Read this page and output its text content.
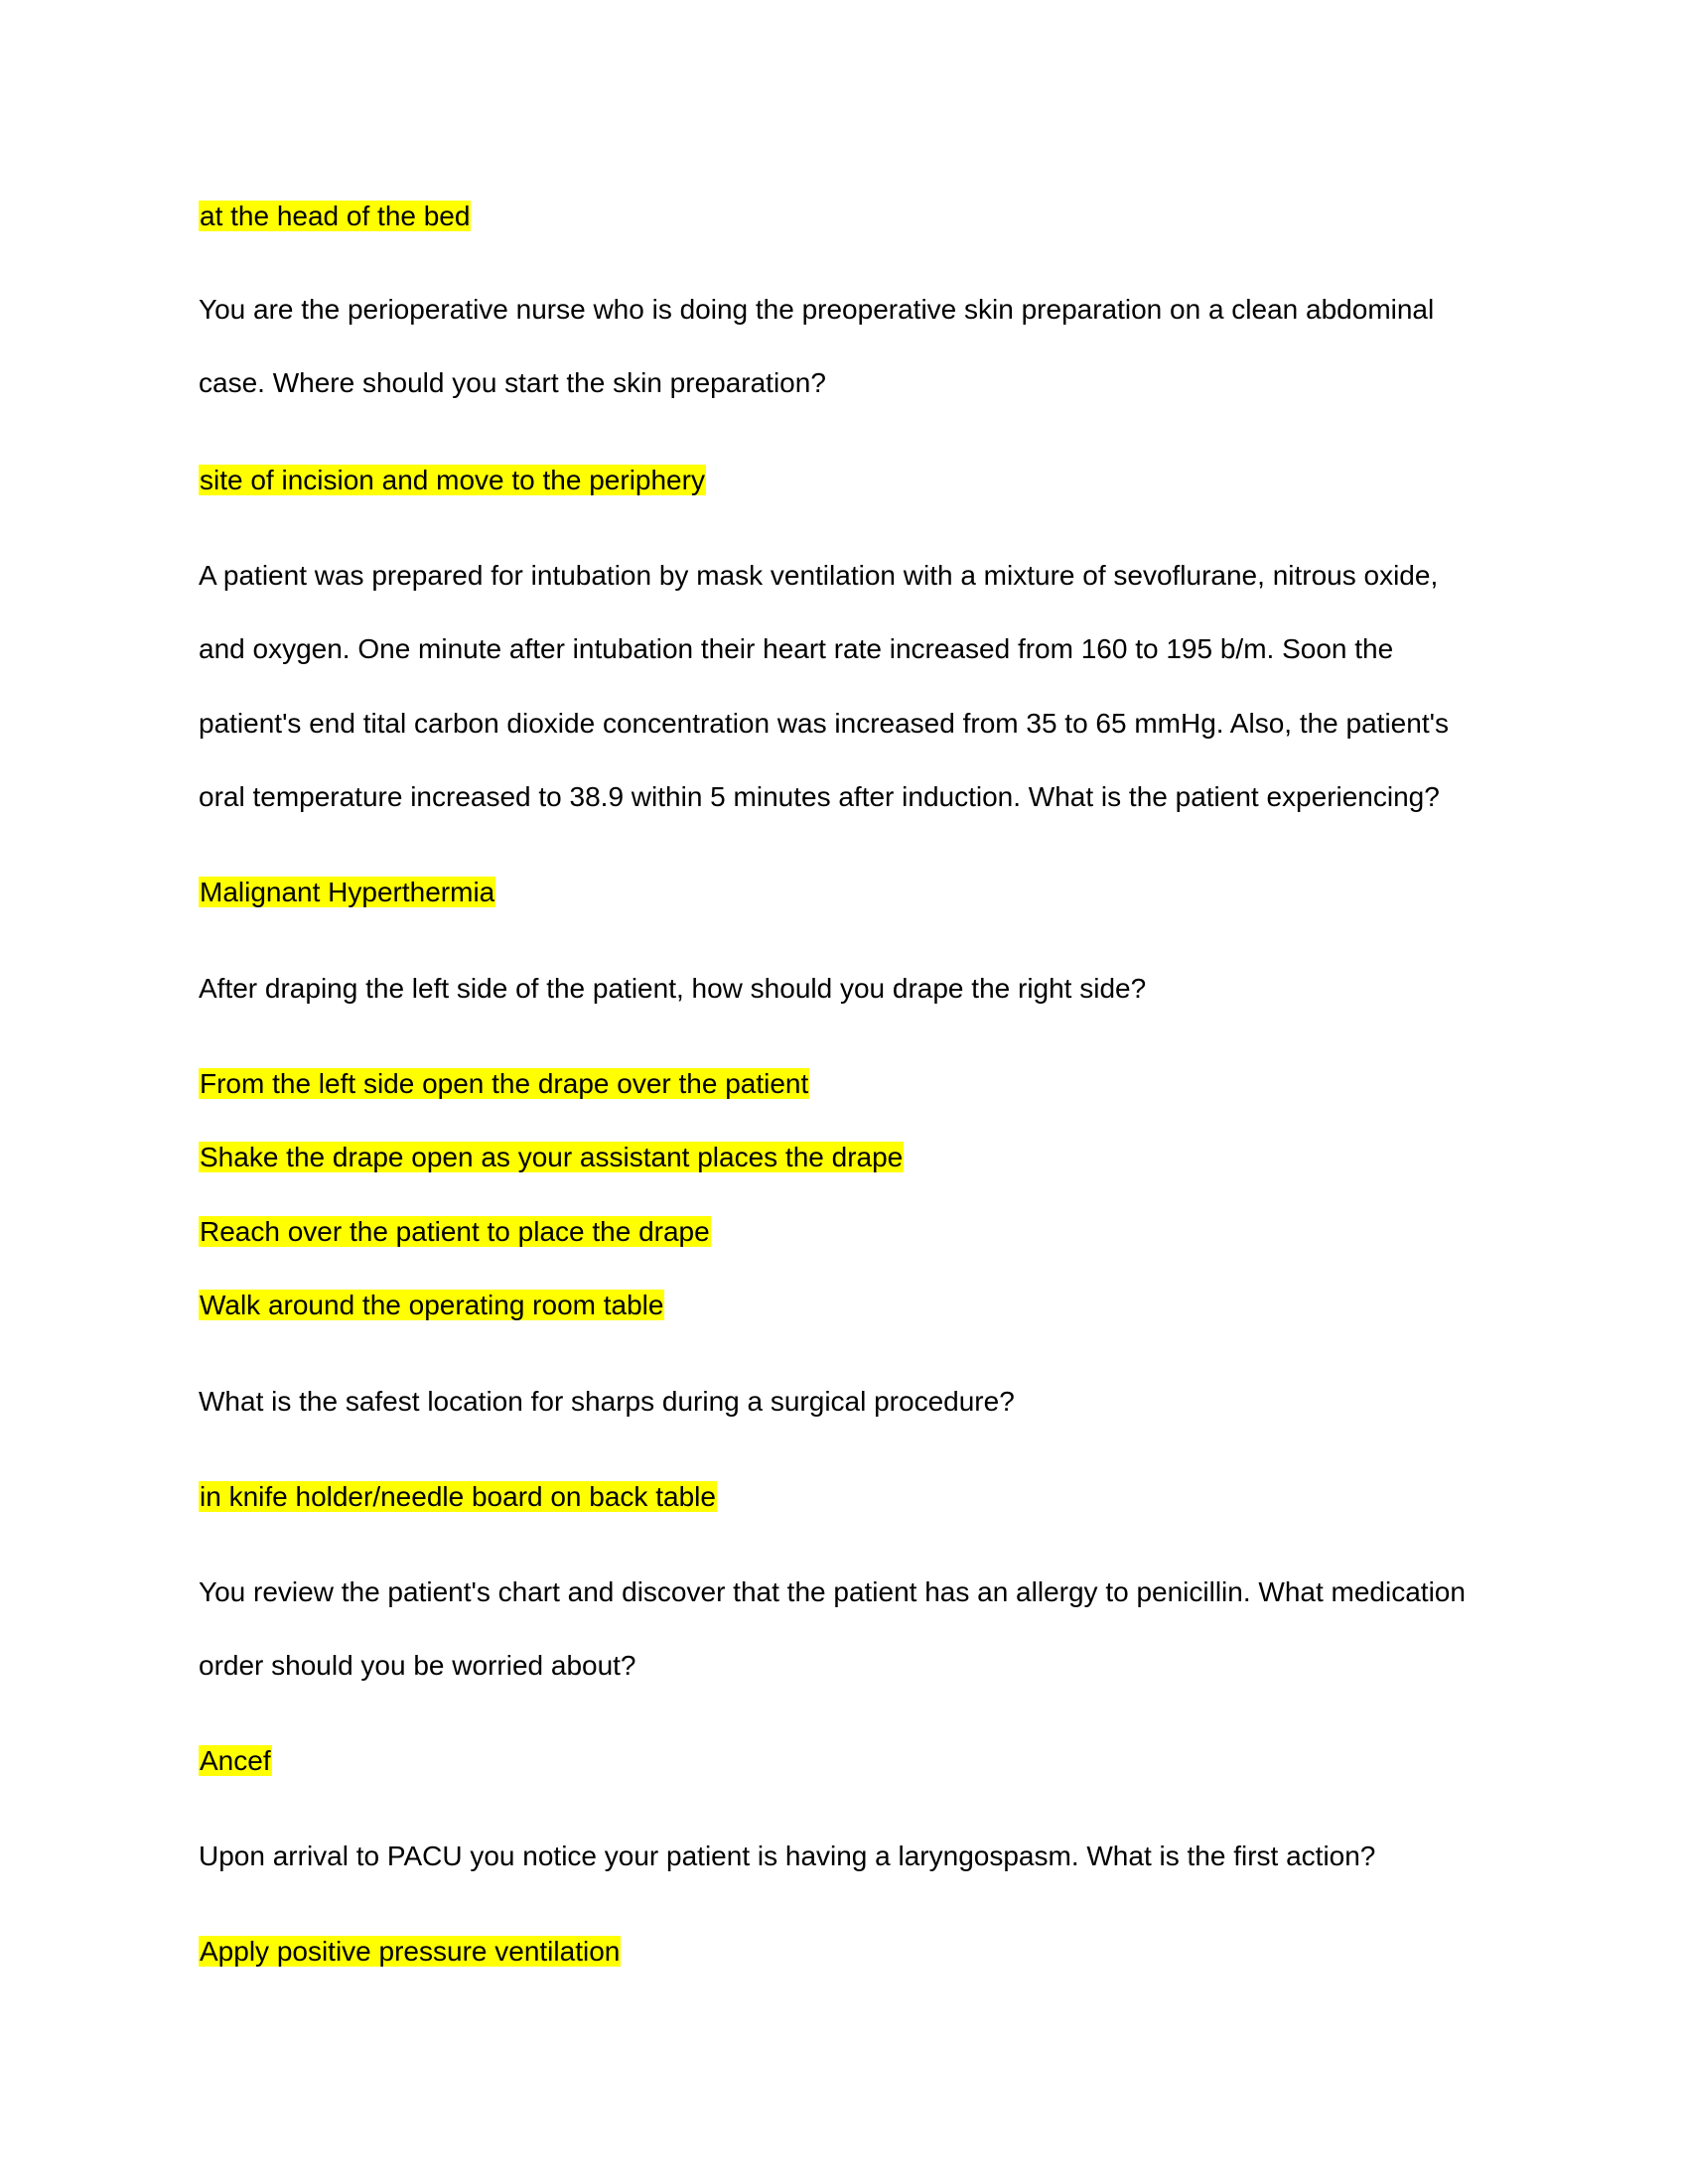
at the head of the bed
You are the perioperative nurse who is doing the preoperative skin preparation on a clean abdominal
case. Where should you start the skin preparation?
site of incision and move to the periphery
A patient was prepared for intubation by mask ventilation with a mixture of sevoflurane, nitrous oxide,
and oxygen. One minute after intubation their heart rate increased from 160 to 195 b/m. Soon the
patient's end tital carbon dioxide concentration was increased from 35 to 65 mmHg. Also, the patient's
oral temperature increased to 38.9 within 5 minutes after induction. What is the patient experiencing?
Malignant Hyperthermia
After draping the left side of the patient, how should you drape the right side?
From the left side open the drape over the patient
Shake the drape open as your assistant places the drape
Reach over the patient to place the drape
Walk around the operating room table
What is the safest location for sharps during a surgical procedure?
in knife holder/needle board on back table
You review the patient's chart and discover that the patient has an allergy to penicillin. What medication
order should you be worried about?
Ancef
Upon arrival to PACU you notice your patient is having a laryngospasm. What is the first action?
Apply positive pressure ventilation
